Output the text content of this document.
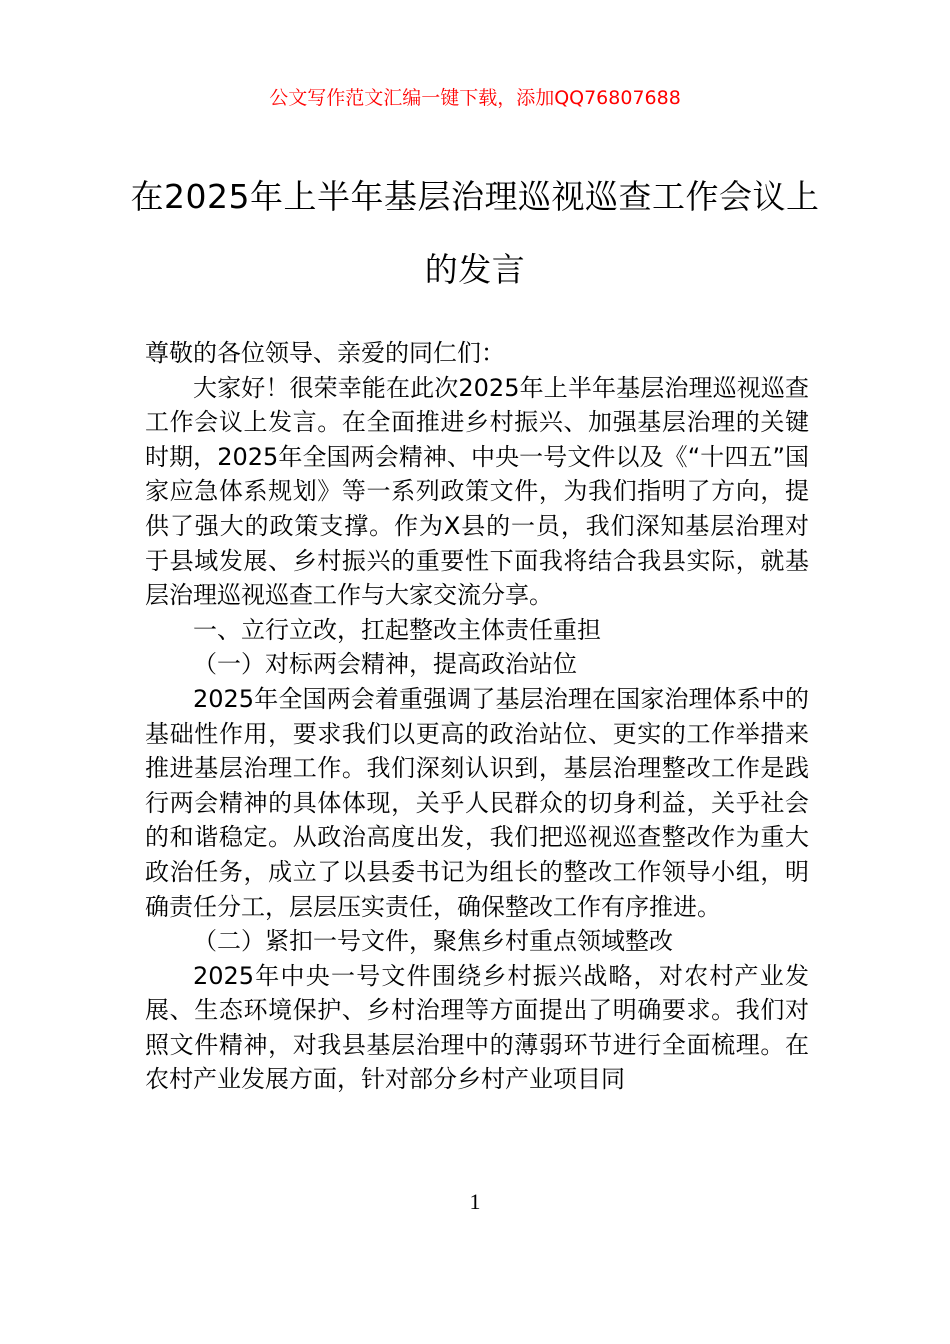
公文写作范文汇编一键下载，添加QQ76807688
在2025年上半年基层治理巡视巡查工作会议上的发言

尊敬的各位领导、亲爱的同仁们：

大家好！很荣幸能在此次2025年上半年基层治理巡视巡查工作会议上发言。在全面推进乡村振兴、加强基层治理的关键时期，2025年全国两会精神、中央一号文件以及《“十四五”国家应急体系规划》等一系列政策文件，为我们指明了方向，提供了强大的政策支撑。作为X县的一员，我们深知基层治理对于县域发展、乡村振兴的重要性下面我将结合我县实际，就基层治理巡视巡查工作与大家交流分享。

一、立行立改，扛起整改主体责任重担

（一）对标两会精神，提高政治站位

2025年全国两会着重强调了基层治理在国家治理体系中的基础性作用，要求我们以更高的政治站位、更实的工作举措来推进基层治理工作。我们深刻认识到，基层治理整改工作是践行两会精神的具体体现，关乎人民群众的切身利益，关乎社会的和谐稳定。从政治高度出发，我们把巡视巡查整改作为重大政治任务，成立了以县委书记为组长的整改工作领导小组，明确责任分工，层层压实责任，确保整改工作有序推进。

（二）紧扣一号文件，聚焦乡村重点领域整改

2025年中央一号文件围绕乡村振兴战略，对农村产业发展、生态环境保护、乡村治理等方面提出了明确要求。我们对照文件精神，对我县基层治理中的薄弱环节进行全面梳理。在农村产业发展方面，针对部分乡村产业项目同

1
